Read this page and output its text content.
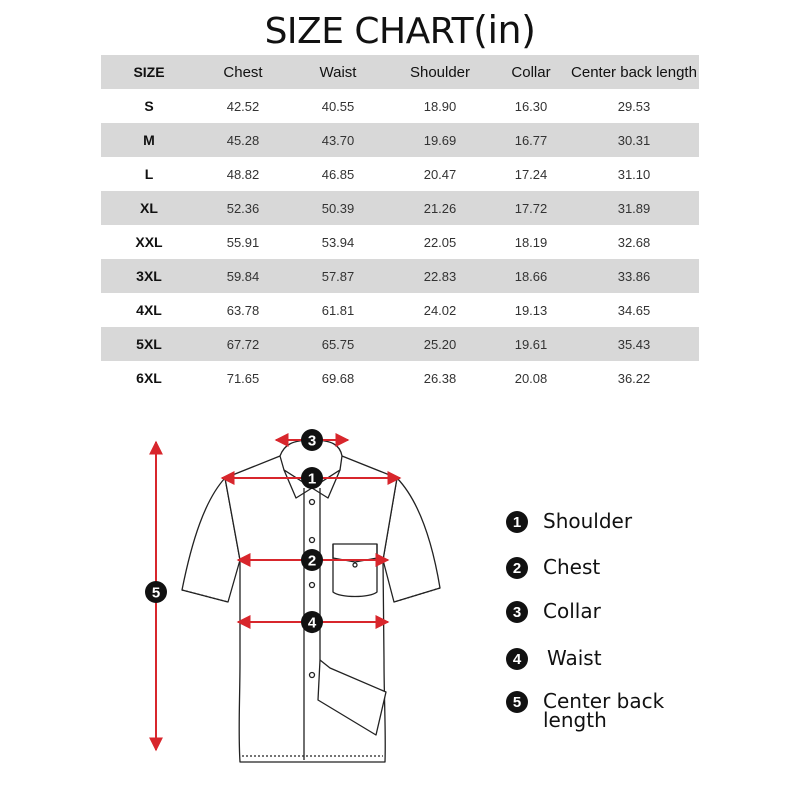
SIZE CHART(in)
SIZE	Chest	Waist	Shoulder	Collar	Center back length
S	42.52	40.55	18.90	16.30	29.53
M	45.28	43.70	19.69	16.77	30.31
L	48.82	46.85	20.47	17.24	31.10
XL	52.36	50.39	21.26	17.72	31.89
XXL	55.91	53.94	22.05	18.19	32.68
3XL	59.84	57.87	22.83	18.66	33.86
4XL	63.78	61.81	24.02	19.13	34.65
5XL	67.72	65.75	25.20	19.61	35.43
6XL	71.65	69.68	26.38	20.08	36.22
3
1
2
4
5
1	Shoulder
2	Chest
3	Collar
4	Waist
5	Center back length
